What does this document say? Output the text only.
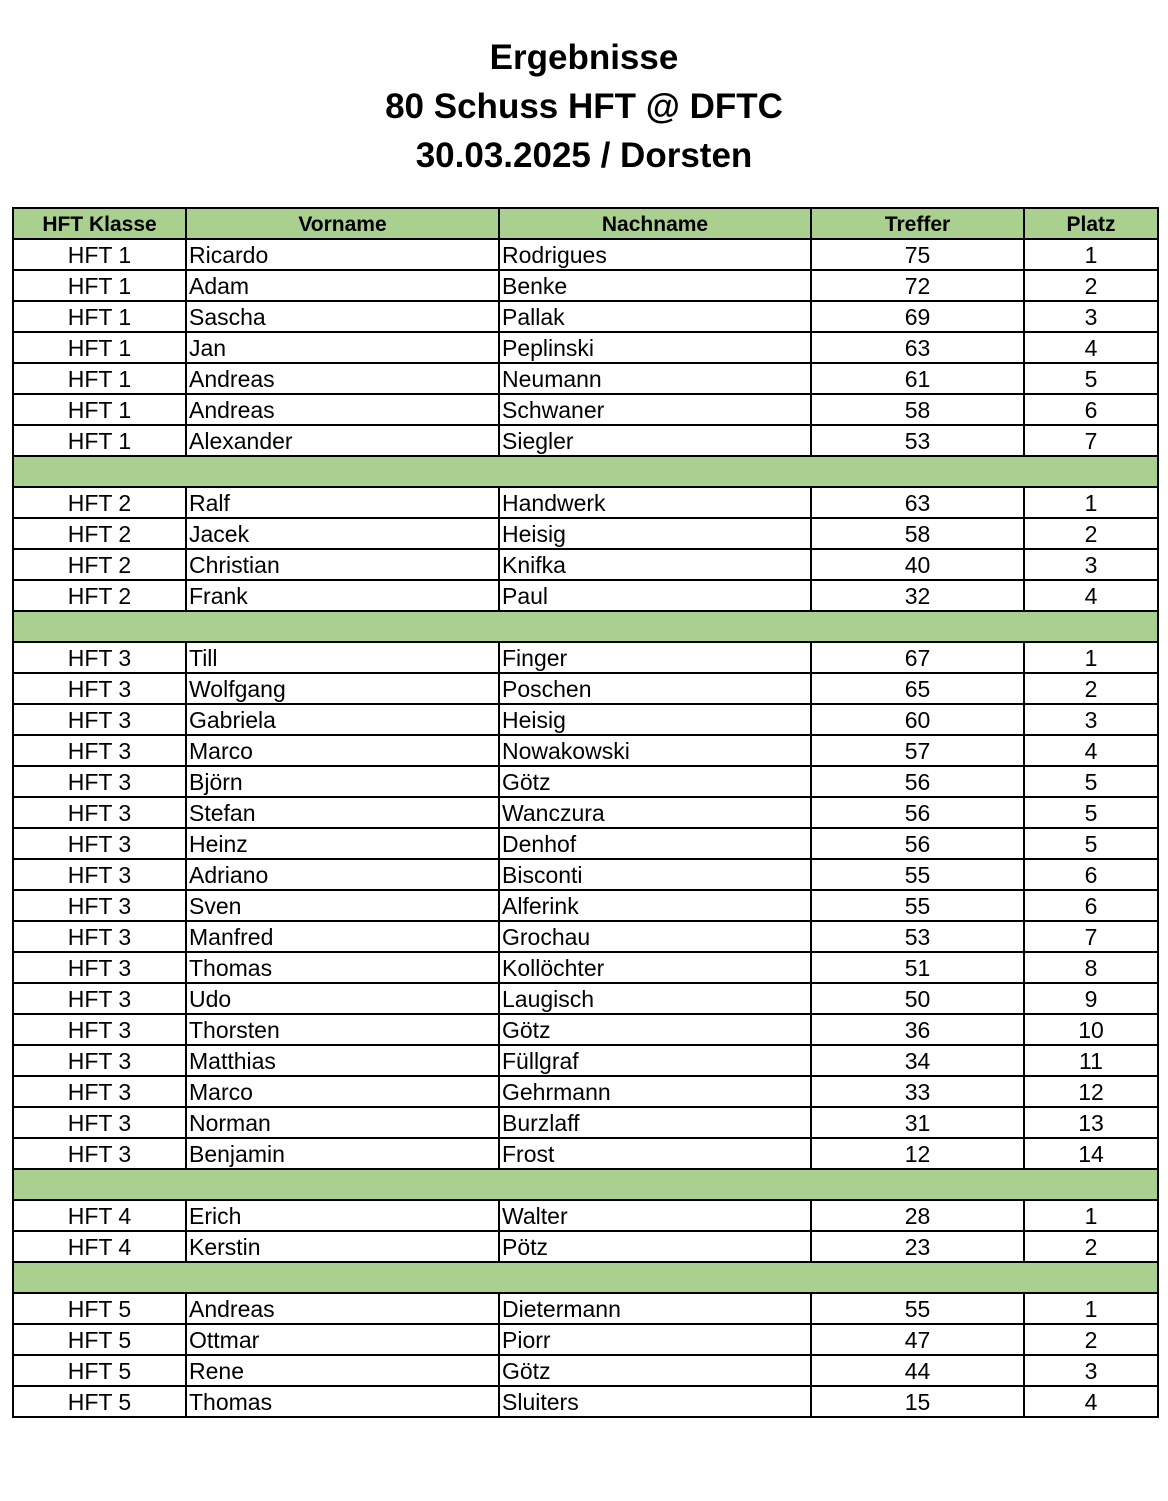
Ergebnisse
80 Schuss HFT @ DFTC
30.03.2025 / Dorsten
HFT Klasse	Vorname	Nachname	Treffer	Platz
HFT 1	Ricardo	Rodrigues	75	1
HFT 1	Adam	Benke	72	2
HFT 1	Sascha	Pallak	69	3
HFT 1	Jan	Peplinski	63	4
HFT 1	Andreas	Neumann	61	5
HFT 1	Andreas	Schwaner	58	6
HFT 1	Alexander	Siegler	53	7

HFT 2	Ralf	Handwerk	63	1
HFT 2	Jacek	Heisig	58	2
HFT 2	Christian	Knifka	40	3
HFT 2	Frank	Paul	32	4

HFT 3	Till	Finger	67	1
HFT 3	Wolfgang	Poschen	65	2
HFT 3	Gabriela	Heisig	60	3
HFT 3	Marco	Nowakowski	57	4
HFT 3	Björn	Götz	56	5
HFT 3	Stefan	Wanczura	56	5
HFT 3	Heinz	Denhof	56	5
HFT 3	Adriano	Bisconti	55	6
HFT 3	Sven	Alferink	55	6
HFT 3	Manfred	Grochau	53	7
HFT 3	Thomas	Kollöchter	51	8
HFT 3	Udo	Laugisch	50	9
HFT 3	Thorsten	Götz	36	10
HFT 3	Matthias	Füllgraf	34	11
HFT 3	Marco	Gehrmann	33	12
HFT 3	Norman	Burzlaff	31	13
HFT 3	Benjamin	Frost	12	14

HFT 4	Erich	Walter	28	1
HFT 4	Kerstin	Pötz	23	2

HFT 5	Andreas	Dietermann	55	1
HFT 5	Ottmar	Piorr	47	2
HFT 5	Rene	Götz	44	3
HFT 5	Thomas	Sluiters	15	4
